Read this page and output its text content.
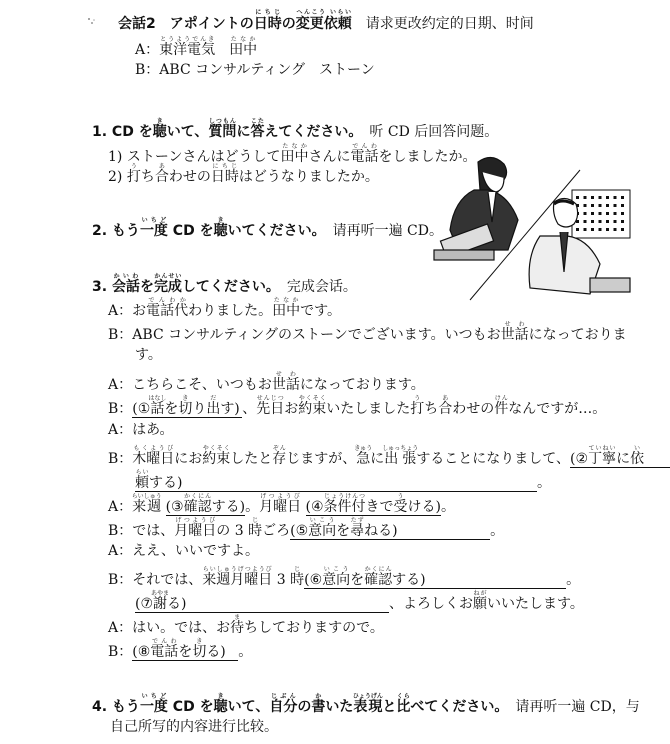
会話2　アポイントの日時にちじの変更依頼へんこう いらい　请求更改约定的日期、时间
A：東洋電気とうようでんき　田中たなか
B：ABC コンサルティング　ストーン
1. CD を聴きいて、質問しつもんに答こたえてください。　听 CD 后回答问题。
1) ストーンさんはどうして田中たなかさんに電話でんわをしましたか。
2) 打うち合あわせの日時にちじはどうなりましたか。
2. もう一度いちど CD を聴きいてください。　请再听一遍 CD。
3. 会話かいわを完成かんせいしてください。　完成会话。
A：お電話代でんわかわりました。田中たなかです。
B：ABC コンサルティングのストーンでございます。いつもお世話せわになっておりま
す。
A：こちらこそ、いつもお世話せわになっております。
B：(①話はなしを切きり出だす) 、先日せんじつお約束やくそくいたしました打うち合あわせの件けんなんですが…。
A：はあ。
B：木曜日もくようびにお約束やくそくしたと存ぞんじますが、急きゅうに出張しゅっちょうすることになりまして、(②丁寧ていねいに依い
頼らいする)	。
A：来週らいしゅう (③確認かくにんする)。月曜日げつようび (④条件付じょうけんつきで受うける)。
B：では、月曜日げつようびの 3 時じごろ(⑤意向いこうを尋たずねる)	。
A：ええ、いいですよ。
B：それでは、来週月曜日らいしゅうげつようび 3 時じ(⑥意向いこうを確認かくにんする)	。
(⑦謝あやまる)	、よろしくお願ねがいいたします。
A：はい。では、お待まちしておりますので。
B：(⑧電話でんわを切きる) 。
4. もう一度いちど CD を聴きいて、自分じぶんの書かいた表現ひょうげんと比くらべてください。　请再听一遍 CD，与
自己所写的内容进行比较。
